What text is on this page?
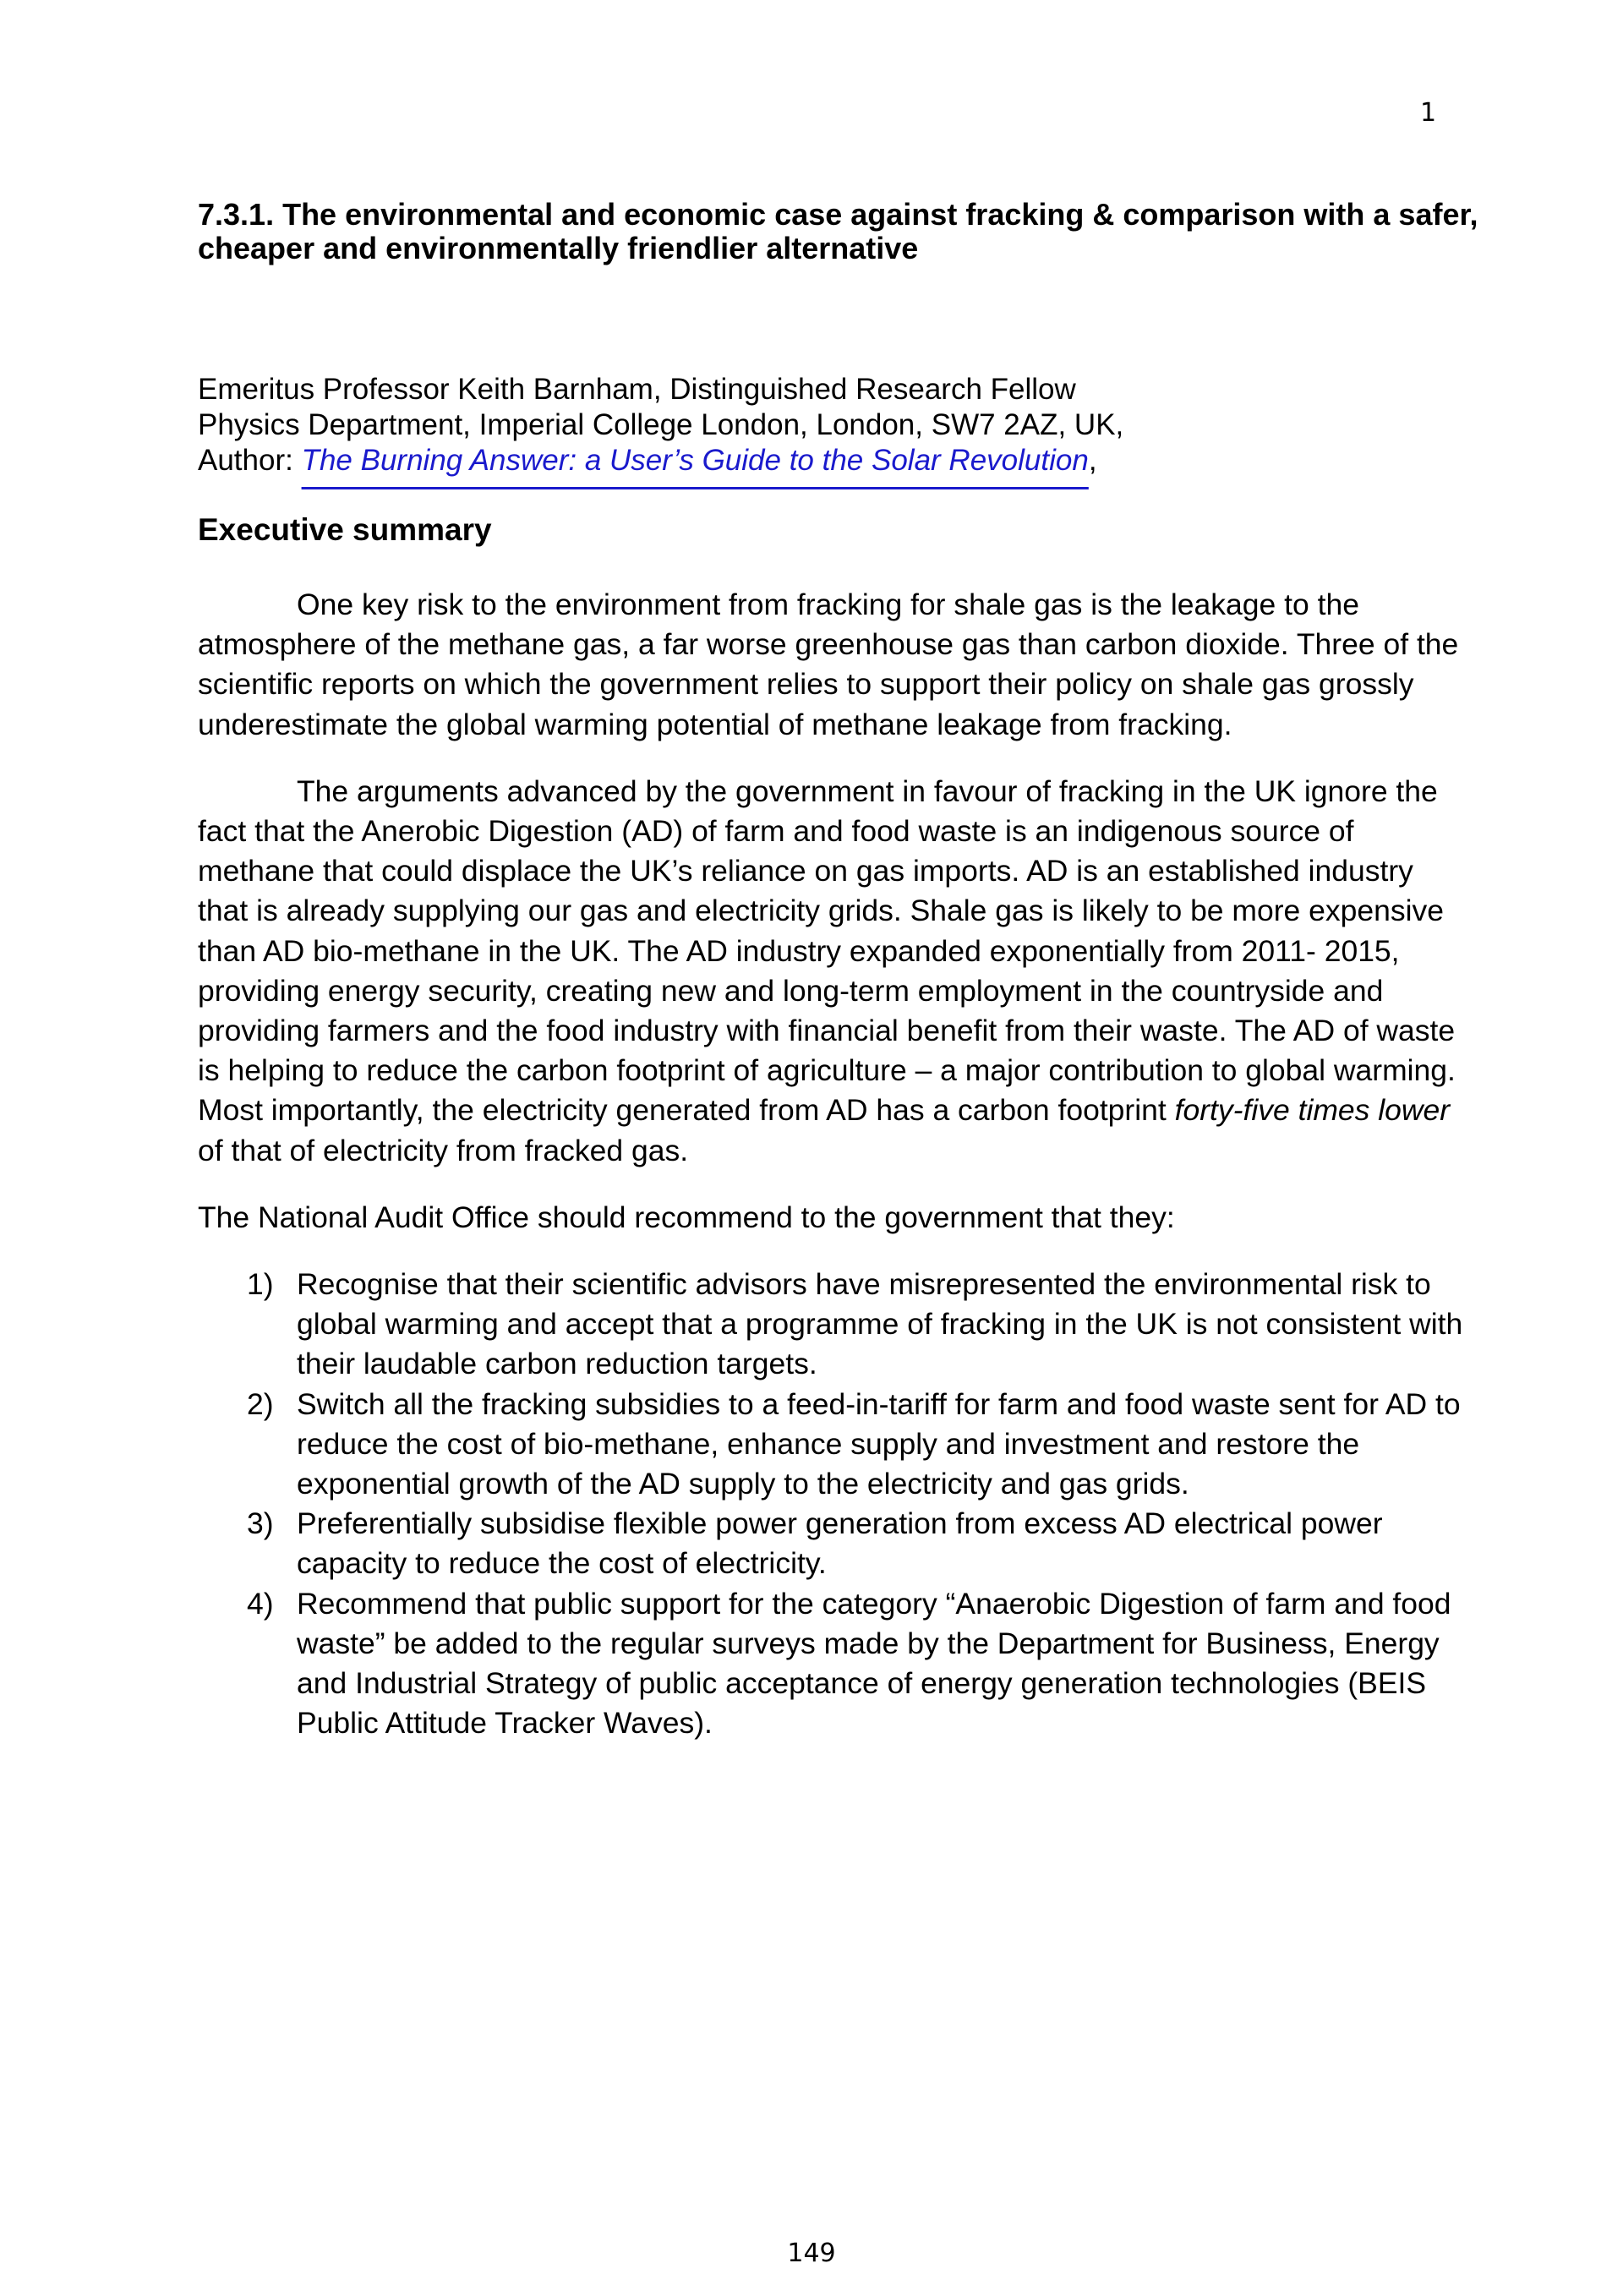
1
7.3.1. The environmental and economic case against fracking & comparison with a safer, cheaper and environmentally friendlier alternative
Emeritus Professor Keith Barnham, Distinguished Research Fellow
Physics Department, Imperial College London, London, SW7 2AZ, UK,
Author: The Burning Answer: a User’s Guide to the Solar Revolution,
Executive summary

One key risk to the environment from fracking for shale gas is the leakage to the atmosphere of the methane gas, a far worse greenhouse gas than carbon dioxide. Three of the scientific reports on which the government relies to support their policy on shale gas grossly underestimate the global warming potential of methane leakage from fracking.

The arguments advanced by the government in favour of fracking in the UK ignore the fact that the Anerobic Digestion (AD) of farm and food waste is an indigenous source of methane that could displace the UK’s reliance on gas imports. AD is an established industry that is already supplying our gas and electricity grids. Shale gas is likely to be more expensive than AD bio-methane in the UK. The AD industry expanded exponentially from 2011- 2015, providing energy security, creating new and long-term employment in the countryside and providing farmers and the food industry with financial benefit from their waste. The AD of waste is helping to reduce the carbon footprint of agriculture – a major contribution to global warming. Most importantly, the electricity generated from AD has a carbon footprint forty-five times lower of that of electricity from fracked gas.

The National Audit Office should recommend to the government that they:

1) Recognise that their scientific advisors have misrepresented the environmental risk to global warming and accept that a programme of fracking in the UK is not consistent with their laudable carbon reduction targets.
2) Switch all the fracking subsidies to a feed-in-tariff for farm and food waste sent for AD to reduce the cost of bio-methane, enhance supply and investment and restore the exponential growth of the AD supply to the electricity and gas grids.
3) Preferentially subsidise flexible power generation from excess AD electrical power capacity to reduce the cost of electricity.
4) Recommend that public support for the category “Anaerobic Digestion of farm and food waste” be added to the regular surveys made by the Department for Business, Energy and Industrial Strategy of public acceptance of energy generation technologies (BEIS Public Attitude Tracker Waves).
149
